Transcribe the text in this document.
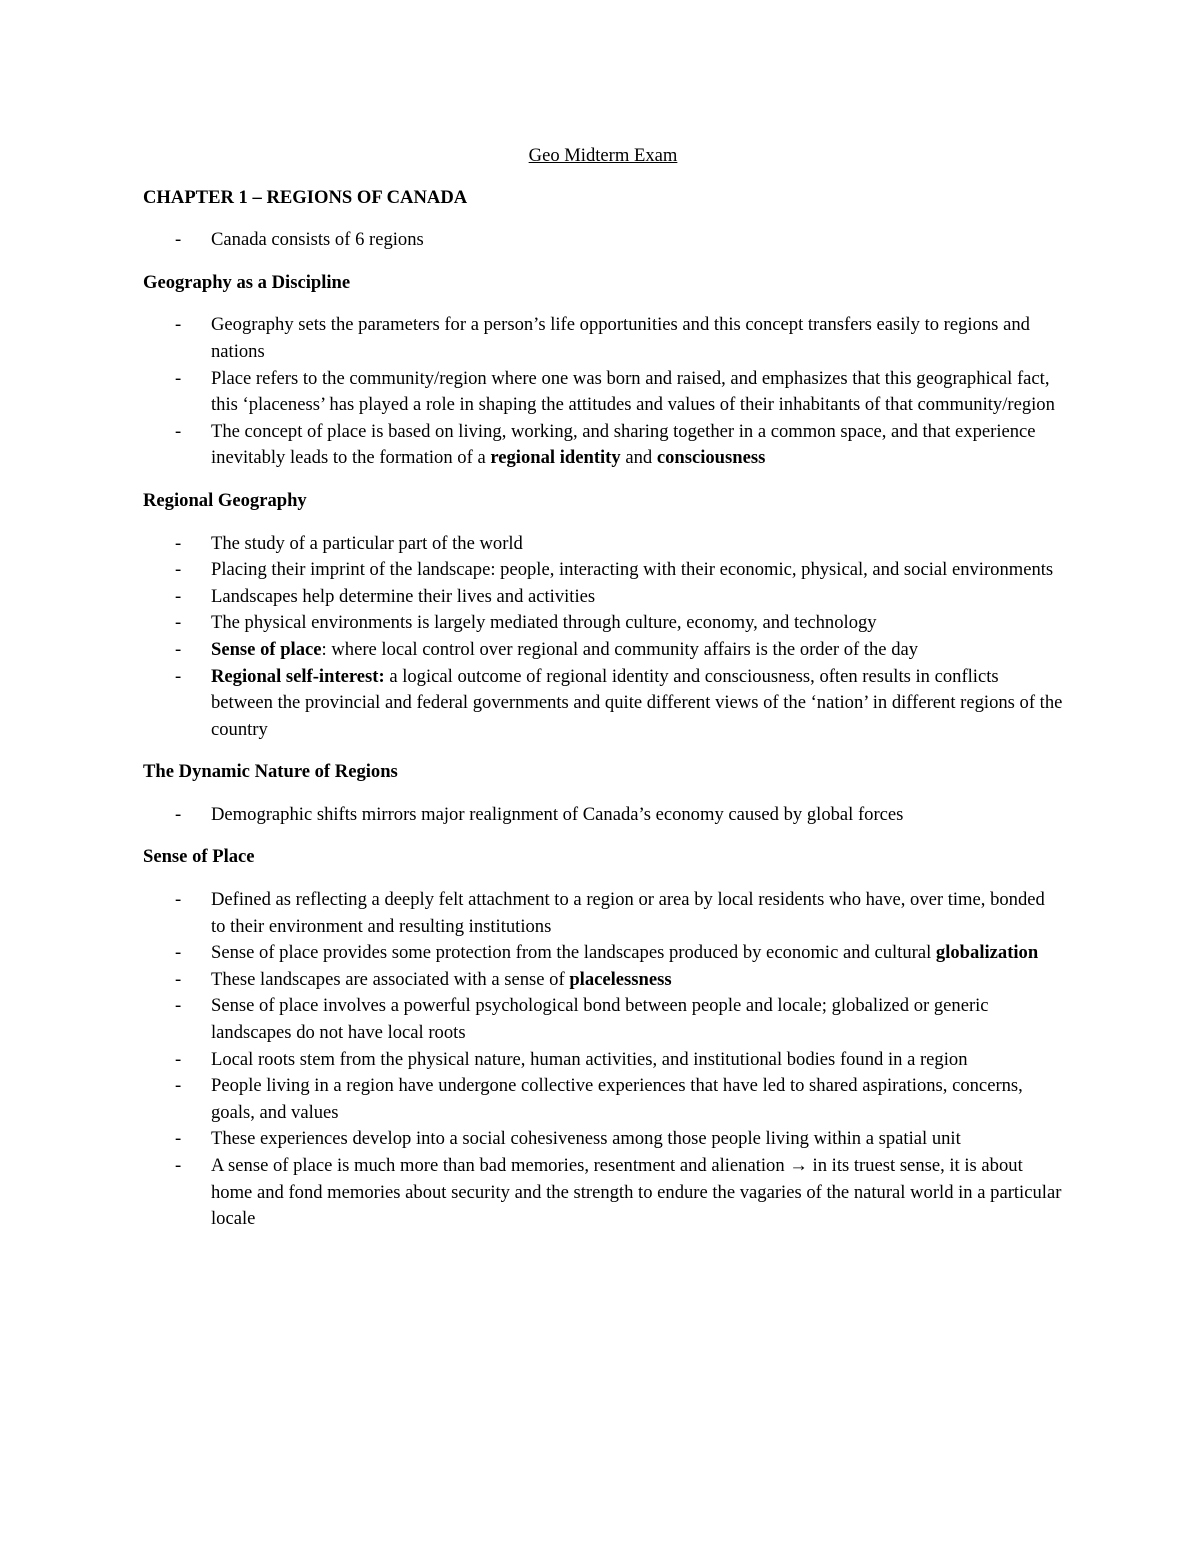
Geo Midterm Exam
CHAPTER 1 – REGIONS OF CANADA
- Canada consists of 6 regions
Geography as a Discipline
- Geography sets the parameters for a person’s life opportunities and this concept transfers easily to regions and nations
- Place refers to the community/region where one was born and raised, and emphasizes that this geographical fact, this ‘placeness’ has played a role in shaping the attitudes and values of their inhabitants of that community/region
- The concept of place is based on living, working, and sharing together in a common space, and that experience inevitably leads to the formation of a regional identity and consciousness
Regional Geography
- The study of a particular part of the world
- Placing their imprint of the landscape: people, interacting with their economic, physical, and social environments
- Landscapes help determine their lives and activities
- The physical environments is largely mediated through culture, economy, and technology
- Sense of place: where local control over regional and community affairs is the order of the day
- Regional self-interest: a logical outcome of regional identity and consciousness, often results in conflicts between the provincial and federal governments and quite different views of the ‘nation’ in different regions of the country
The Dynamic Nature of Regions
- Demographic shifts mirrors major realignment of Canada’s economy caused by global forces
Sense of Place
- Defined as reflecting a deeply felt attachment to a region or area by local residents who have, over time, bonded to their environment and resulting institutions
- Sense of place provides some protection from the landscapes produced by economic and cultural globalization
- These landscapes are associated with a sense of placelessness
- Sense of place involves a powerful psychological bond between people and locale; globalized or generic landscapes do not have local roots
- Local roots stem from the physical nature, human activities, and institutional bodies found in a region
- People living in a region have undergone collective experiences that have led to shared aspirations, concerns, goals, and values
- These experiences develop into a social cohesiveness among those people living within a spatial unit
- A sense of place is much more than bad memories, resentment and alienation → in its truest sense, it is about home and fond memories about security and the strength to endure the vagaries of the natural world in a particular locale
